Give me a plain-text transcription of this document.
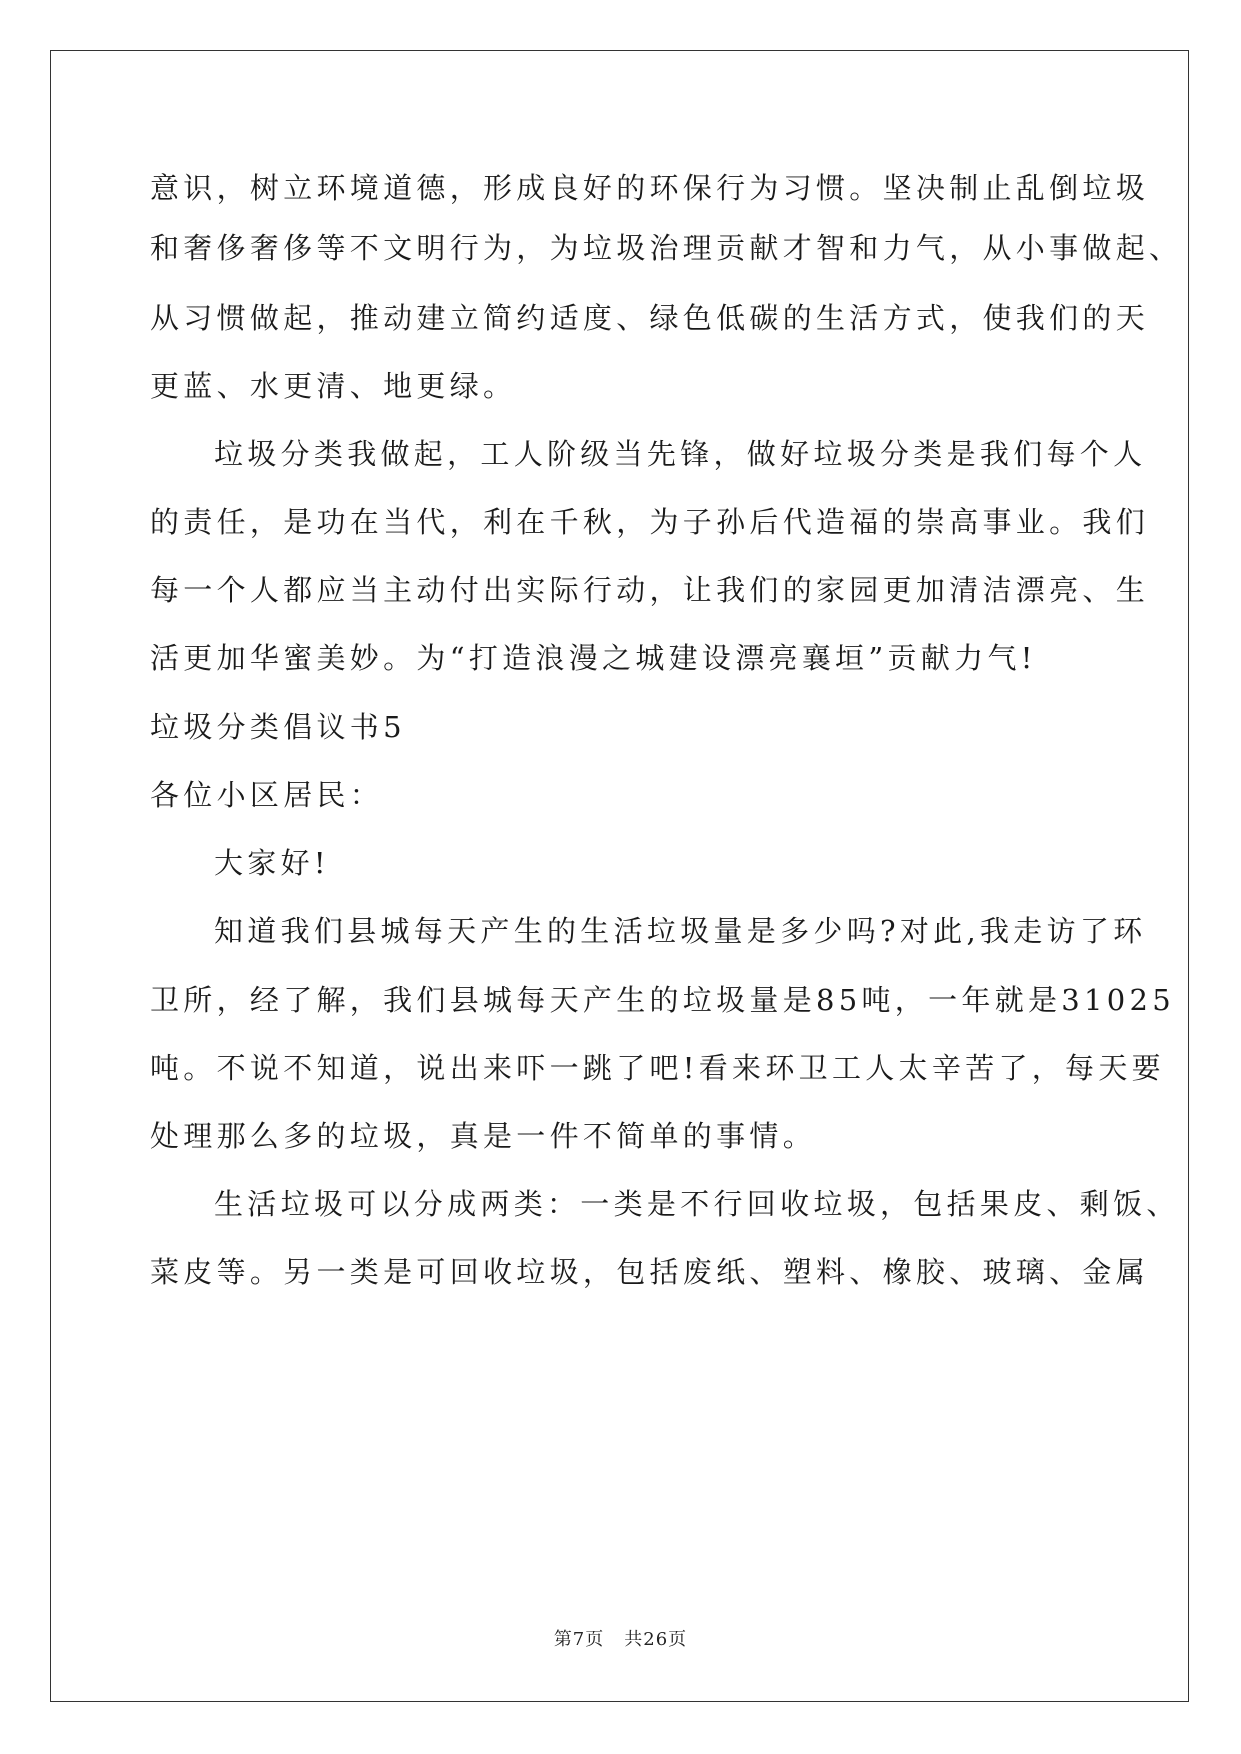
意识，树立环境道德，形成良好的环保行为习惯。坚决制止乱倒垃圾

和奢侈奢侈等不文明行为，为垃圾治理贡献才智和力气，从小事做起、

从习惯做起，推动建立简约适度、绿色低碳的生活方式，使我们的天

更蓝、水更清、地更绿。

垃圾分类我做起，工人阶级当先锋，做好垃圾分类是我们每个人

的责任，是功在当代，利在千秋，为子孙后代造福的崇高事业。我们

每一个人都应当主动付出实际行动，让我们的家园更加清洁漂亮、生

活更加华蜜美妙。为“打造浪漫之城建设漂亮襄垣”贡献力气!

垃圾分类倡议书5

各位小区居民：

大家好!

知道我们县城每天产生的生活垃圾量是多少吗?对此,我走访了环

卫所，经了解，我们县城每天产生的垃圾量是85吨，一年就是31025

吨。不说不知道，说出来吓一跳了吧!看来环卫工人太辛苦了，每天要

处理那么多的垃圾，真是一件不简单的事情。

生活垃圾可以分成两类：一类是不行回收垃圾，包括果皮、剩饭、

菜皮等。另一类是可回收垃圾，包括废纸、塑料、橡胶、玻璃、金属

第7页 共26页
